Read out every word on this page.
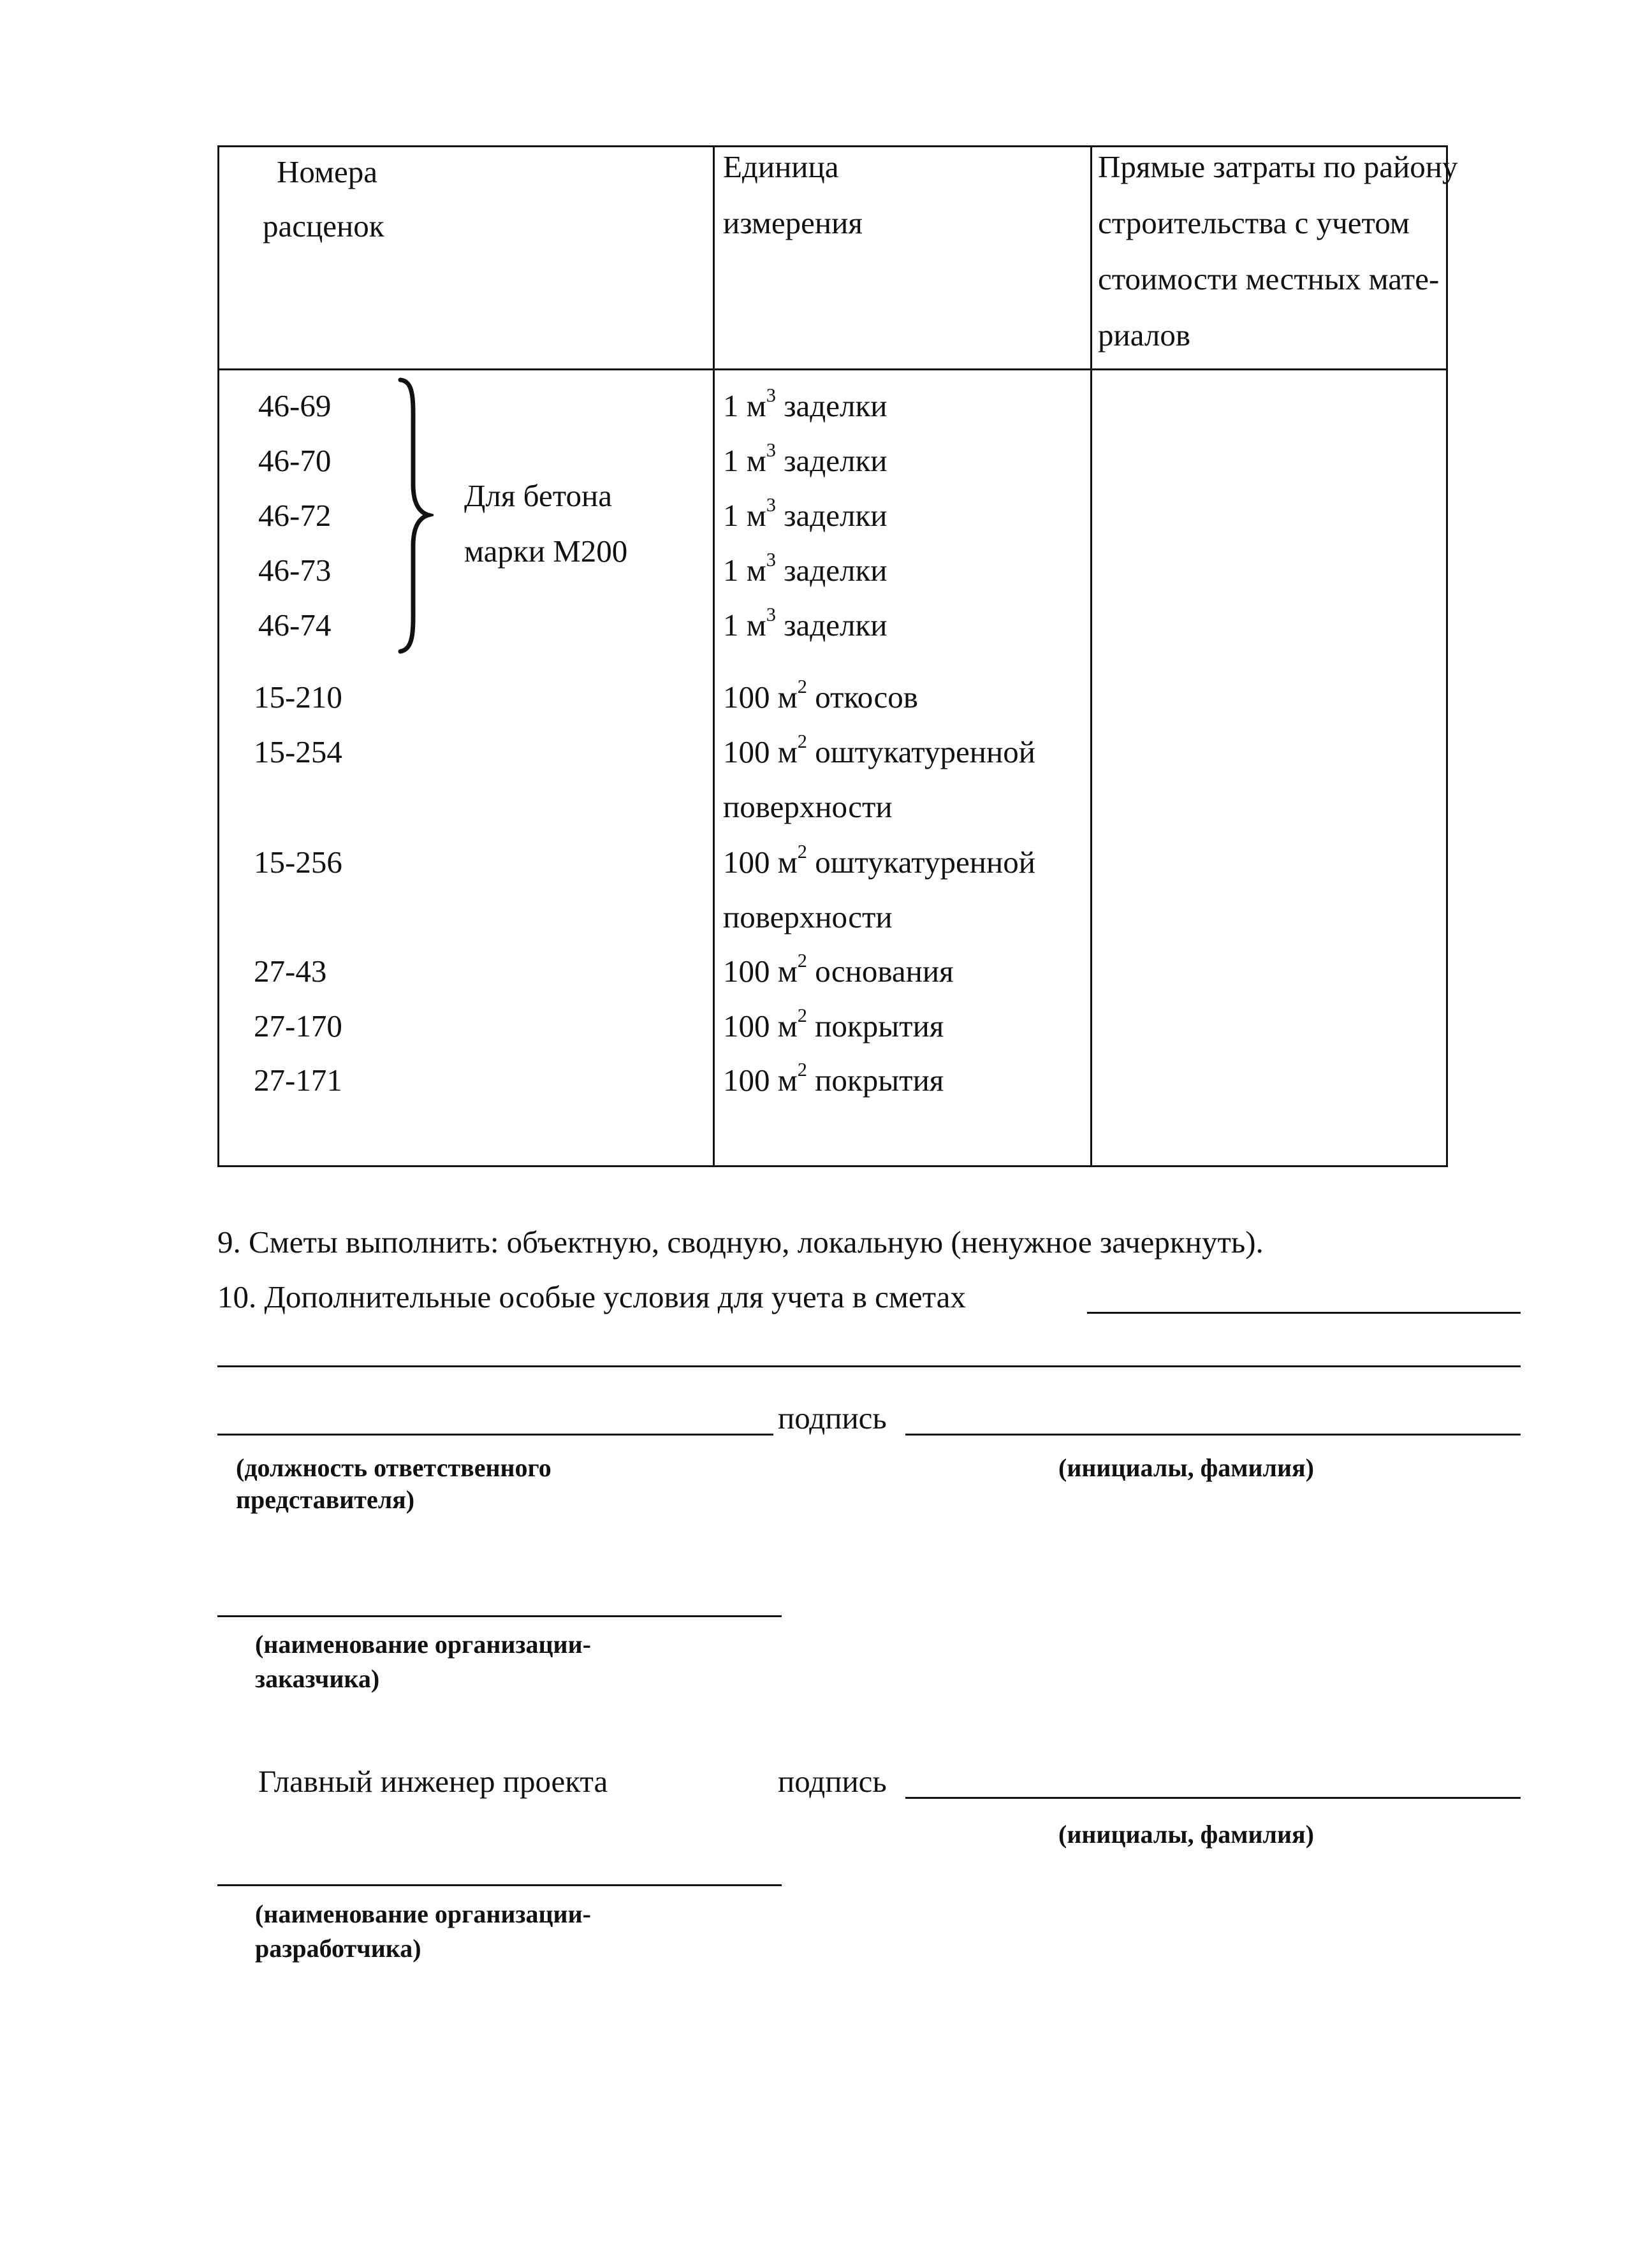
Номера
расценок
Единица
измерения
Прямые затраты по району
строительства с учетом
стоимости местных мате-
риалов
46-69
46-70
46-72
46-73
46-74
15-210
15-254
15-256
27-43
27-170
27-171
Для бетона
марки М200
1 $м^3$ заделки
1 $м^3$ заделки
1 $м^3$ заделки
1 $м^3$ заделки
1 $м^3$ заделки
100 $м^2$ откосов
100 $м^2$ оштукатуренной
поверхности
100 $м^2$ оштукатуренной
поверхности
100 $м^2$ основания
100 $м^2$ покрытия
100 $м^2$ покрытия
9. Сметы выполнить: объектную, сводную, локальную (ненужное зачеркнуть).
10. Дополнительные особые условия для учета в сметах
подпись
(должность ответственного
представителя)
(инициалы, фамилия)
(наименование организации-
заказчика)
Главный инженер проекта	подпись
(инициалы, фамилия)
(наименование организации-
разработчика)
